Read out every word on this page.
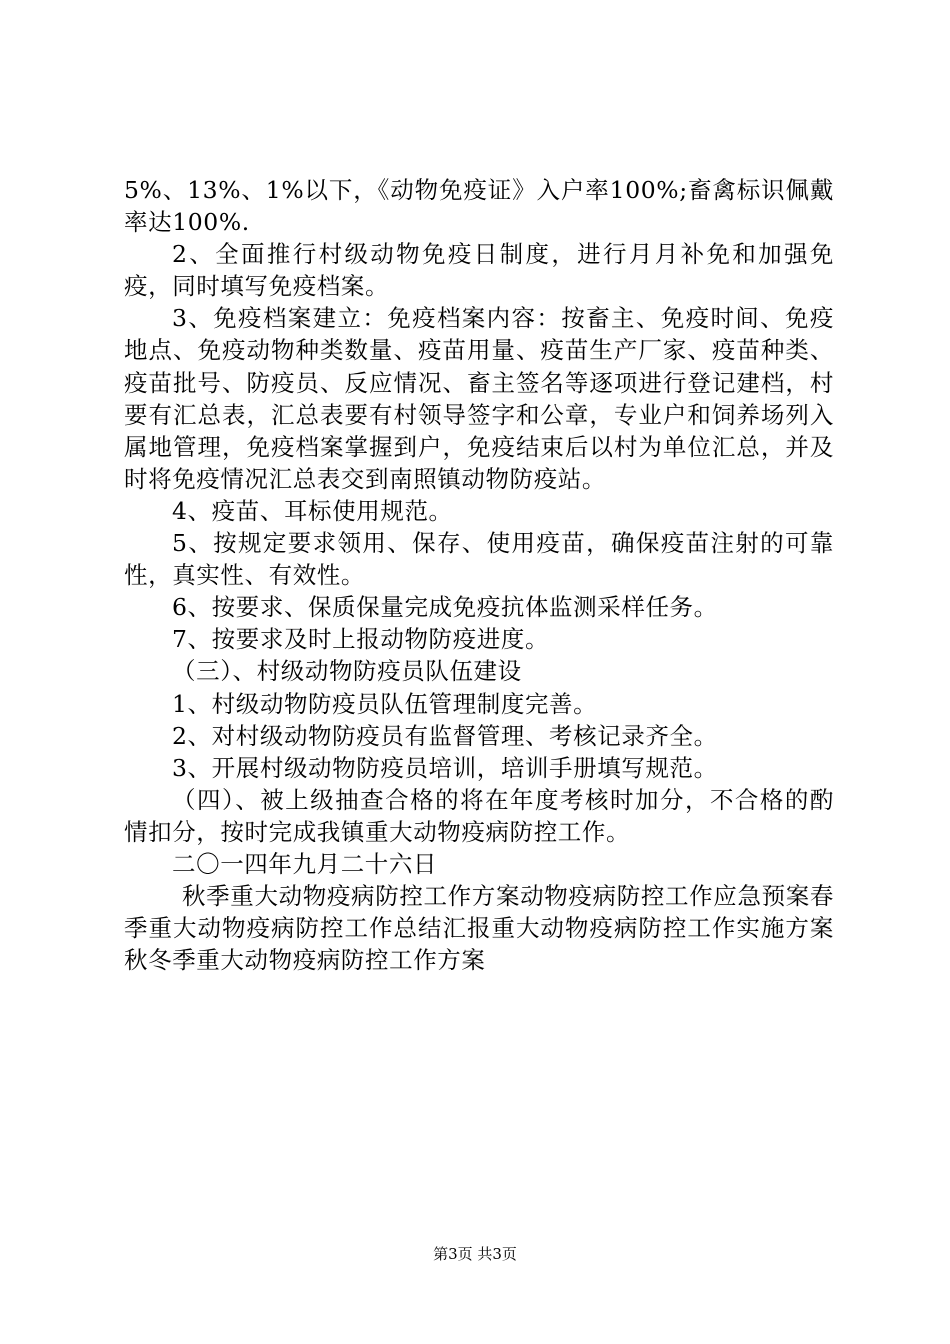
5%、13%、1%以下，《动物免疫证》入户率100%;畜禽标识佩戴率达100%.

2、全面推行村级动物免疫日制度，进行月月补免和加强免疫，同时填写免疫档案。

3、免疫档案建立：免疫档案内容：按畜主、免疫时间、免疫地点、免疫动物种类数量、疫苗用量、疫苗生产厂家、疫苗种类、疫苗批号、防疫员、反应情况、畜主签名等逐项进行登记建档，村要有汇总表，汇总表要有村领导签字和公章，专业户和饲养场列入属地管理，免疫档案掌握到户，免疫结束后以村为单位汇总，并及时将免疫情况汇总表交到南照镇动物防疫站。

4、疫苗、耳标使用规范。

5、按规定要求领用、保存、使用疫苗，确保疫苗注射的可靠性，真实性、有效性。

6、按要求、保质保量完成免疫抗体监测采样任务。

7、按要求及时上报动物防疫进度。

（三）、村级动物防疫员队伍建设

1、村级动物防疫员队伍管理制度完善。

2、对村级动物防疫员有监督管理、考核记录齐全。

3、开展村级动物防疫员培训，培训手册填写规范。

（四）、被上级抽查合格的将在年度考核时加分，不合格的酌情扣分，按时完成我镇重大动物疫病防控工作。

二〇一四年九月二十六日

秋季重大动物疫病防控工作方案动物疫病防控工作应急预案春季重大动物疫病防控工作总结汇报重大动物疫病防控工作实施方案秋冬季重大动物疫病防控工作方案

第3页 共3页
